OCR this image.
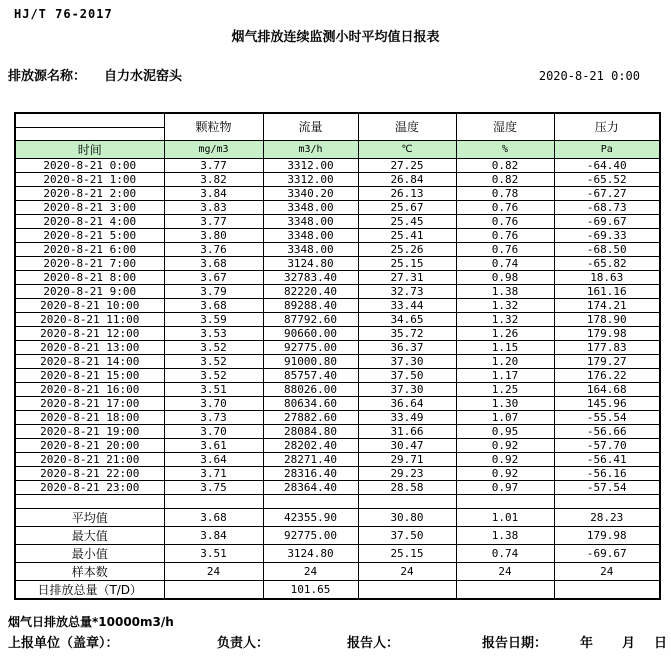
HJ/T 76-2017
烟气排放连续监测小时平均值日报表
排放源名称： 自力水泥窑头	2020-8-21 0:00
	颗粒物	流量	温度	湿度	压力
时间	mg/m3	m3/h	℃	%	Pa
2020-8-21 0:00	3.77	3312.00	27.25	0.82	-64.40
2020-8-21 1:00	3.82	3312.00	26.84	0.82	-65.52
2020-8-21 2:00	3.84	3340.20	26.13	0.78	-67.27
2020-8-21 3:00	3.83	3348.00	25.67	0.76	-68.73
2020-8-21 4:00	3.77	3348.00	25.45	0.76	-69.67
2020-8-21 5:00	3.80	3348.00	25.41	0.76	-69.33
2020-8-21 6:00	3.76	3348.00	25.26	0.76	-68.50
2020-8-21 7:00	3.68	3124.80	25.15	0.74	-65.82
2020-8-21 8:00	3.67	32783.40	27.31	0.98	18.63
2020-8-21 9:00	3.79	82220.40	32.73	1.38	161.16
2020-8-21 10:00	3.68	89288.40	33.44	1.32	174.21
2020-8-21 11:00	3.59	87792.60	34.65	1.32	178.90
2020-8-21 12:00	3.53	90660.00	35.72	1.26	179.98
2020-8-21 13:00	3.52	92775.00	36.37	1.15	177.83
2020-8-21 14:00	3.52	91000.80	37.30	1.20	179.27
2020-8-21 15:00	3.52	85757.40	37.50	1.17	176.22
2020-8-21 16:00	3.51	88026.00	37.30	1.25	164.68
2020-8-21 17:00	3.70	80634.60	36.64	1.30	145.96
2020-8-21 18:00	3.73	27882.60	33.49	1.07	-55.54
2020-8-21 19:00	3.70	28084.80	31.66	0.95	-56.66
2020-8-21 20:00	3.61	28202.40	30.47	0.92	-57.70
2020-8-21 21:00	3.64	28271.40	29.71	0.92	-56.41
2020-8-21 22:00	3.71	28316.40	29.23	0.92	-56.16
2020-8-21 23:00	3.75	28364.40	28.58	0.97	-57.54

平均值	3.68	42355.90	30.80	1.01	28.23
最大值	3.84	92775.00	37.50	1.38	179.98
最小值	3.51	3124.80	25.15	0.74	-69.67
样本数	24	24	24	24	24
日排放总量（T/D）		101.65			
烟气日排放总量*10000m3/h
上报单位（盖章）：	负责人：	报告人：	报告日期：	年 月 日
